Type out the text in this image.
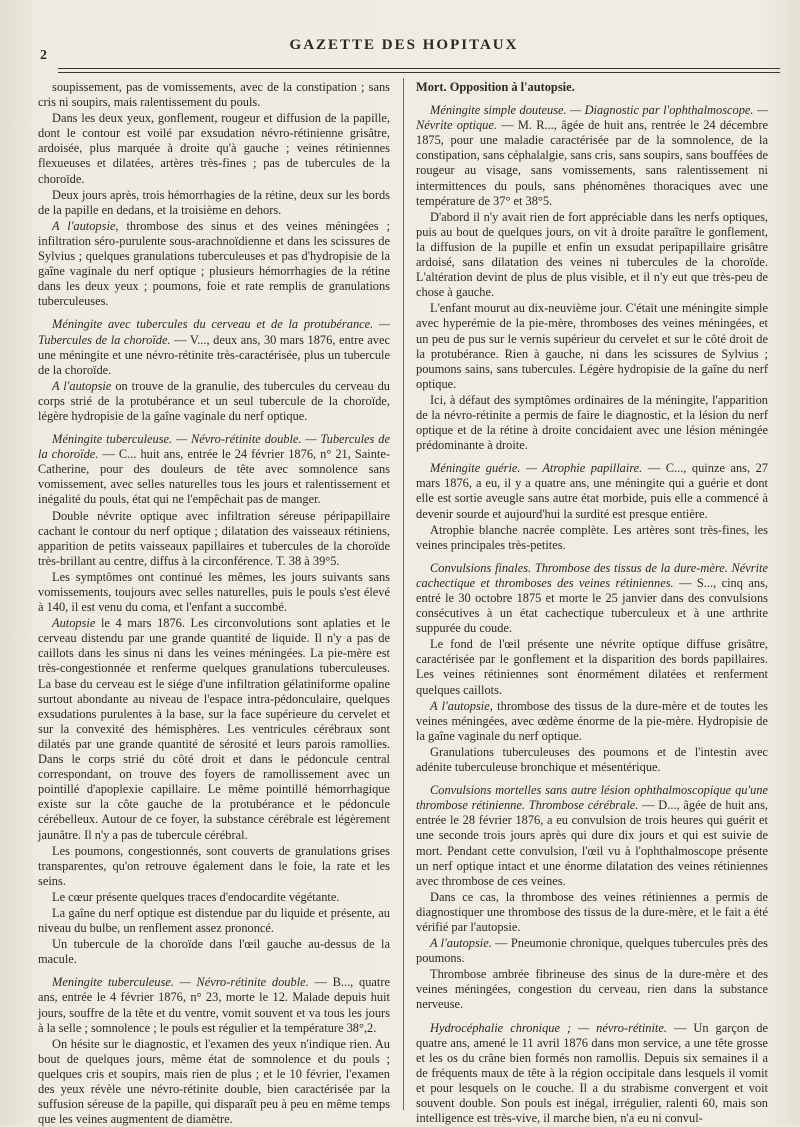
2
GAZETTE DES HOPITAUX

soupissement, pas de vomissements, avec de la constipation ; sans cris ni soupirs, mais ralentissement du pouls.

Dans les deux yeux, gonflement, rougeur et diffusion de la papille, dont le contour est voilé par exsudation névro-rétinienne grisâtre, ardoisée, plus marquée à droite qu'à gauche ; veines rétiniennes flexueuses et dilatées, artères très-fines ; pas de tubercules de la choroïde.

Deux jours après, trois hémorrhagies de la rétine, deux sur les bords de la papille en dedans, et la troisième en dehors.

A l'autopsie, thrombose des sinus et des veines méningées ; infiltration séro-purulente sous-arachnoïdienne et dans les scissures de Sylvius ; quelques granulations tuberculeuses et pas d'hydropisie de la gaîne vaginale du nerf optique ; plusieurs hémorrhagies de la rétine dans les deux yeux ; poumons, foie et rate remplis de granulations tuberculeuses.

Méningite avec tubercules du cerveau et de la protubérance. — Tubercules de la choroïde. — V..., deux ans, 30 mars 1876, entre avec une méningite et une névro-rétinite très-caractérisée, plus un tubercule de la choroïde.

A l'autopsie on trouve de la granulie, des tubercules du cerveau du corps strié de la protubérance et un seul tubercule de la choroïde, légère hydropisie de la gaîne vaginale du nerf optique.

Méningite tuberculeuse. — Névro-rétinite double. — Tubercules de la choroïde. — C... huit ans, entrée le 24 février 1876, n° 21, Sainte-Catherine, pour des douleurs de tête avec somnolence sans vomissement, avec selles naturelles tous les jours et ralentissement et inégalité du pouls, état qui ne l'empêchait pas de manger.

Double névrite optique avec infiltration séreuse péripapillaire cachant le contour du nerf optique ; dilatation des vaisseaux rétiniens, apparition de petits vaisseaux papillaires et tubercules de la choroïde très-brillant au centre, diffus à la circonférence. T. 38 à 39°5.

Les symptômes ont continué les mêmes, les jours suivants sans vomissements, toujours avec selles naturelles, puis le pouls s'est élevé à 140, il est venu du coma, et l'enfant a succombé.

Autopsie le 4 mars 1876. Les circonvolutions sont aplaties et le cerveau distendu par une grande quantité de liquide. Il n'y a pas de caillots dans les sinus ni dans les veines méningées. La pie-mère est très-congestionnée et renferme quelques granulations tuberculeuses. La base du cerveau est le siége d'une infiltration gélatiniforme opaline surtout abondante au niveau de l'espace intra-pédonculaire, quelques exsudations purulentes à la base, sur la face supérieure du cervelet et sur la convexité des hémisphères. Les ventricules cérébraux sont dilatés par une grande quantité de sérosité et leurs parois ramollies. Dans le corps strié du côté droit et dans le pédoncule central correspondant, on trouve des foyers de ramollissement avec un pointillé d'apoplexie capillaire. Le même pointillé hémorrhagique existe sur la côte gauche de la protubérance et le pédoncule cérébelleux. Autour de ce foyer, la substance cérébrale est légèrement jaunâtre. Il n'y a pas de tubercule cérébral.

Les poumons, congestionnés, sont couverts de granulations grises transparentes, qu'on retrouve également dans le foie, la rate et les seins.

Le cœur présente quelques traces d'endocardite végétante.

La gaîne du nerf optique est distendue par du liquide et présente, au niveau du bulbe, un renflement assez prononcé.

Un tubercule de la choroïde dans l'œil gauche au-dessus de la macule.

Meningite tuberculeuse. — Névro-rétinite double. — B..., quatre ans, entrée le 4 février 1876, n° 23, morte le 12. Malade depuis huit jours, souffre de la tête et du ventre, vomit souvent et va tous les jours à la selle ; somnolence ; le pouls est régulier et la température 38°,2.

On hésite sur le diagnostic, et l'examen des yeux n'indique rien. Au bout de quelques jours, même état de somnolence et du pouls ; quelques cris et soupirs, mais rien de plus ; et le 10 février, l'examen des yeux révèle une névro-rétinite double, bien caractérisée par la suffusion séreuse de la papille, qui disparaît peu à peu en même temps que les veines augmentent de diamètre.

Mort. Opposition à l'autopsie.

Méningite simple douteuse. — Diagnostic par l'ophthalmoscope. — Névrite optique. — M. R..., âgée de huit ans, rentrée le 24 décembre 1875, pour une maladie caractérisée par de la somnolence, de la constipation, sans céphalalgie, sans cris, sans soupirs, sans bouffées de rougeur au visage, sans vomissements, sans ralentissement ni intermittences du pouls, sans phénomènes thoraciques avec une température de 37° et 38°5.

D'abord il n'y avait rien de fort appréciable dans les nerfs optiques, puis au bout de quelques jours, on vit à droite paraître le gonflement, la diffusion de la pupille et enfin un exsudat peripapillaire grisâtre ardoisé, sans dilatation des veines ni tubercules de la choroïde. L'altération devint de plus de plus visible, et il n'y eut que très-peu de chose à gauche.

L'enfant mourut au dix-neuvième jour. C'était une méningite simple avec hyperémie de la pie-mère, thromboses des veines méningées, et un peu de pus sur le vernis supérieur du cervelet et sur le côté droit de la protubérance. Rien à gauche, ni dans les scissures de Sylvius ; poumons sains, sans tubercules. Légère hydropisie de la gaîne du nerf optique.

Ici, à défaut des symptômes ordinaires de la méningite, l'apparition de la névro-rétinite a permis de faire le diagnostic, et la lésion du nerf optique et de la rétine à droite concidaient avec une lésion méningée prédominante à droite.

Méningite guérie. — Atrophie papillaire. — C..., quinze ans, 27 mars 1876, a eu, il y a quatre ans, une méningite qui a guérie et dont elle est sortie aveugle sans autre état morbide, puis elle a commencé à devenir sourde et aujourd'hui la surdité est presque entière.

Atrophie blanche nacrée complète. Les artères sont très-fines, les veines principales très-petites.

Convulsions finales. Thrombose des tissus de la dure-mère. Névrite cachectique et thromboses des veines rétiniennes. — S..., cinq ans, entré le 30 octobre 1875 et morte le 25 janvier dans des convulsions consécutives à un état cachectique tuberculeux et à une arthrite suppurée du coude.

Le fond de l'œil présente une névrite optique diffuse grisâtre, caractérisée par le gonflement et la disparition des bords papillaires. Les veines rétiniennes sont énormément dilatées et renferment quelques caillots.

A l'autopsie, thrombose des tissus de la dure-mère et de toutes les veines méningées, avec œdème énorme de la pie-mère. Hydropisie de la gaîne vaginale du nerf optique.

Granulations tuberculeuses des poumons et de l'intestin avec adénite tuberculeuse bronchique et mésentérique.

Convulsions mortelles sans autre lésion ophthalmoscopique qu'une thrombose rétinienne. Thrombose cérébrale. — D..., âgée de huit ans, entrée le 28 février 1876, a eu convulsion de trois heures qui guérit et une seconde trois jours après qui dure dix jours et qui est suivie de mort. Pendant cette convulsion, l'œil vu à l'ophthalmoscope présente un nerf optique intact et une énorme dilatation des veines rétiniennes avec thrombose de ces veines.

Dans ce cas, la thrombose des veines rétiniennes a permis de diagnostiquer une thrombose des tissus de la dure-mère, et le fait a été vérifié par l'autopsie.

A l'autopsie. — Pneumonie chronique, quelques tubercules près des poumons.

Thrombose ambrée fibrineuse des sinus de la dure-mère et des veines méningées, congestion du cerveau, rien dans la substance nerveuse.

Hydrocéphalie chronique ; — névro-rétinite. — Un garçon de quatre ans, amené le 11 avril 1876 dans mon service, a une tête grosse et les os du crâne bien formés non ramollis. Depuis six semaines il a de fréquents maux de tête à la région occipitale dans lesquels il vomit et pour lesquels on le couche. Il a du strabisme convergent et voit souvent double. Son pouls est inégal, irrégulier, ralenti 60, mais son intelligence est très-vive, il marche bien, n'a eu ni convul-
